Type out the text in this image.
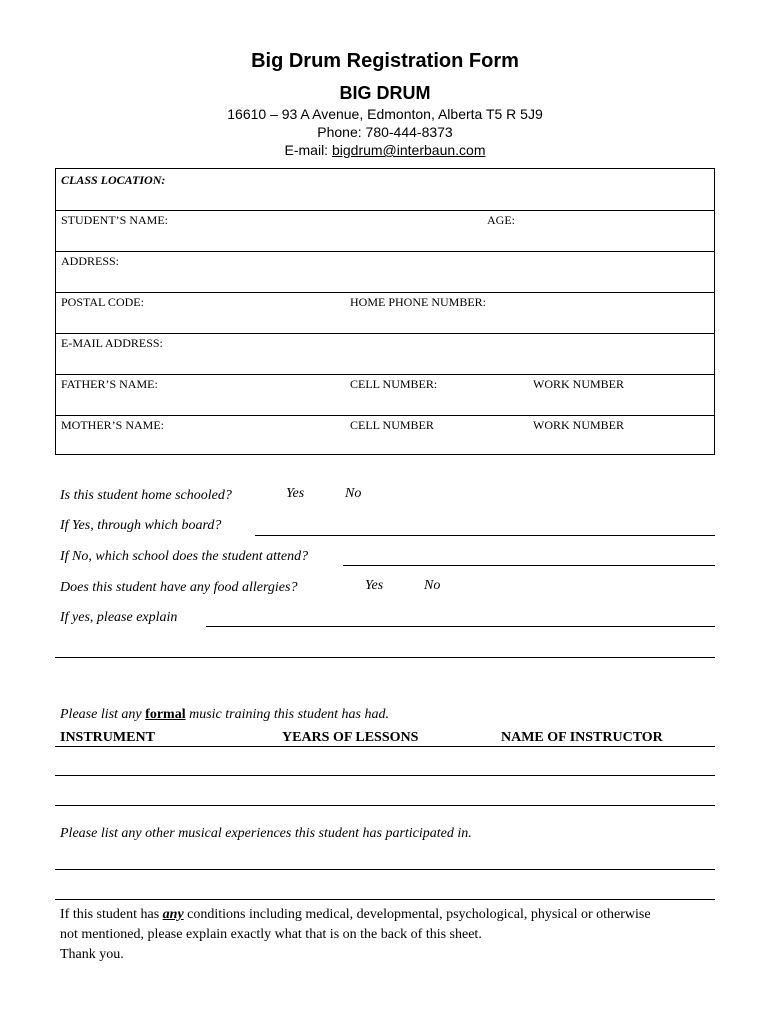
Big Drum Registration Form
BIG DRUM
16610 – 93 A Avenue, Edmonton, Alberta T5 R 5J9
Phone: 780-444-8373
E-mail: bigdrum@interbaun.com
CLASS LOCATION:
STUDENT’S NAME:	AGE:
ADDRESS:
POSTAL CODE:	HOME PHONE NUMBER:
E-MAIL ADDRESS:
FATHER’S NAME:	CELL NUMBER:	WORK NUMBER
MOTHER’S NAME:	CELL NUMBER	WORK NUMBER
Is this student home schooled?	Yes	No
If Yes, through which board?
If No, which school does the student attend?
Does this student have any food allergies?	Yes	No
If yes, please explain
Please list any formal music training this student has had.
INSTRUMENT	YEARS OF LESSONS	NAME OF INSTRUCTOR
Please list any other musical experiences this student has participated in.
If this student has any conditions including medical, developmental, psychological, physical or otherwise
not mentioned, please explain exactly what that is on the back of this sheet.
Thank you.
